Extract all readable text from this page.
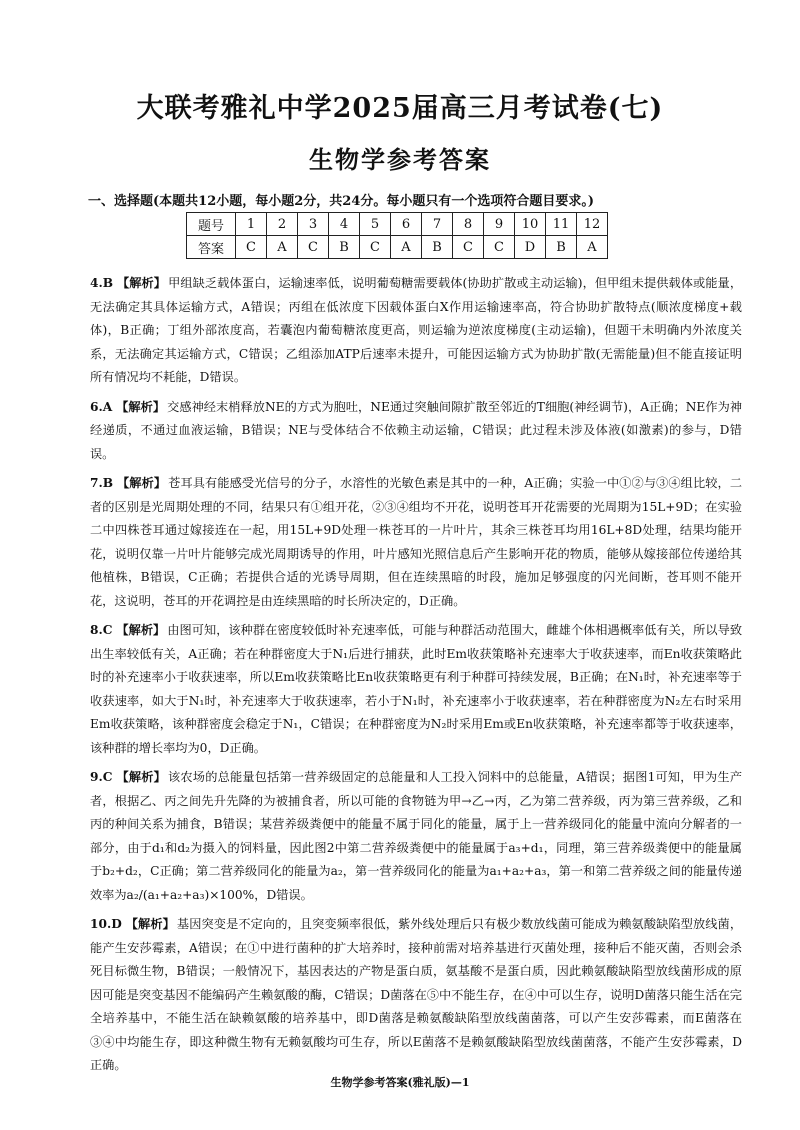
大联考雅礼中学2025届高三月考试卷(七)
生物学参考答案
一、选择题(本题共12小题，每小题2分，共24分。每小题只有一个选项符合题目要求。)
题号	1	2	3	4	5	6	7	8	9	10	11	12
答案	C	A	C	B	C	A	B	C	C	D	B	A

4.B 【解析】 甲组缺乏载体蛋白，运输速率低，说明葡萄糖需要载体(协助扩散或主动运输)，但甲组未提供载体或能量，无法确定其具体运输方式，A错误；丙组在低浓度下因载体蛋白X作用运输速率高，符合协助扩散特点(顺浓度梯度+载体)，B正确；丁组外部浓度高，若囊泡内葡萄糖浓度更高，则运输为逆浓度梯度(主动运输)，但题干未明确内外浓度关系，无法确定其运输方式，C错误；乙组添加ATP后速率未提升，可能因运输方式为协助扩散(无需能量)但不能直接证明所有情况均不耗能，D错误。

6.A 【解析】 交感神经末梢释放NE的方式为胞吐，NE通过突触间隙扩散至邻近的T细胞(神经调节)，A正确；NE作为神经递质，不通过血液运输，B错误；NE与受体结合不依赖主动运输，C错误；此过程未涉及体液(如激素)的参与，D错误。

7.B 【解析】 苍耳具有能感受光信号的分子，水溶性的光敏色素是其中的一种，A正确；实验一中①②与③④组比较，二者的区别是光周期处理的不同，结果只有①组开花，②③④组均不开花，说明苍耳开花需要的光周期为15L+9D；在实验二中四株苍耳通过嫁接连在一起，用15L+9D处理一株苍耳的一片叶片，其余三株苍耳均用16L+8D处理，结果均能开花，说明仅靠一片叶片能够完成光周期诱导的作用，叶片感知光照信息后产生影响开花的物质，能够从嫁接部位传递给其他植株，B错误，C正确；若提供合适的光诱导周期，但在连续黑暗的时段，施加足够强度的闪光间断，苍耳则不能开花，这说明，苍耳的开花调控是由连续黑暗的时长所决定的，D正确。

8.C 【解析】 由图可知，该种群在密度较低时补充速率低，可能与种群活动范围大，雌雄个体相遇概率低有关，所以导致出生率较低有关，A正确；若在种群密度大于N₁后进行捕获，此时Em收获策略补充速率大于收获速率，而En收获策略此时的补充速率小于收获速率，所以Em收获策略比En收获策略更有利于种群可持续发展，B正确；在N₁时，补充速率等于收获速率，如大于N₁时，补充速率大于收获速率，若小于N₁时，补充速率小于收获速率，若在种群密度为N₂左右时采用Em收获策略，该种群密度会稳定于N₁，C错误；在种群密度为N₂时采用Em或En收获策略，补充速率都等于收获速率，该种群的增长率均为0，D正确。

9.C 【解析】 该农场的总能量包括第一营养级固定的总能量和人工投入饲料中的总能量，A错误；据图1可知，甲为生产者，根据乙、丙之间先升先降的为被捕食者，所以可能的食物链为甲→乙→丙，乙为第二营养级，丙为第三营养级，乙和丙的种间关系为捕食，B错误；某营养级粪便中的能量不属于同化的能量，属于上一营养级同化的能量中流向分解者的一部分，由于d₁和d₂为摄入的饲料量，因此图2中第二营养级粪便中的能量属于a₃+d₁，同理，第三营养级粪便中的能量属于b₂+d₂，C正确；第二营养级同化的能量为a₂，第一营养级同化的能量为a₁+a₂+a₃，第一和第二营养级之间的能量传递效率为a₂/(a₁+a₂+a₃)×100%，D错误。

10.D 【解析】 基因突变是不定向的，且突变频率很低，紫外线处理后只有极少数放线菌可能成为赖氨酸缺陷型放线菌，能产生安莎霉素，A错误；在①中进行菌种的扩大培养时，接种前需对培养基进行灭菌处理，接种后不能灭菌，否则会杀死目标微生物，B错误；一般情况下，基因表达的产物是蛋白质，氨基酸不是蛋白质，因此赖氨酸缺陷型放线菌形成的原因可能是突变基因不能编码产生赖氨酸的酶，C错误；D菌落在⑤中不能生存，在④中可以生存，说明D菌落只能生活在完全培养基中，不能生活在缺赖氨酸的培养基中，即D菌落是赖氨酸缺陷型放线菌菌落，可以产生安莎霉素，而E菌落在③④中均能生存，即这种微生物有无赖氨酸均可生存，所以E菌落不是赖氨酸缺陷型放线菌菌落，不能产生安莎霉素，D正确。

生物学参考答案(雅礼版)—1
